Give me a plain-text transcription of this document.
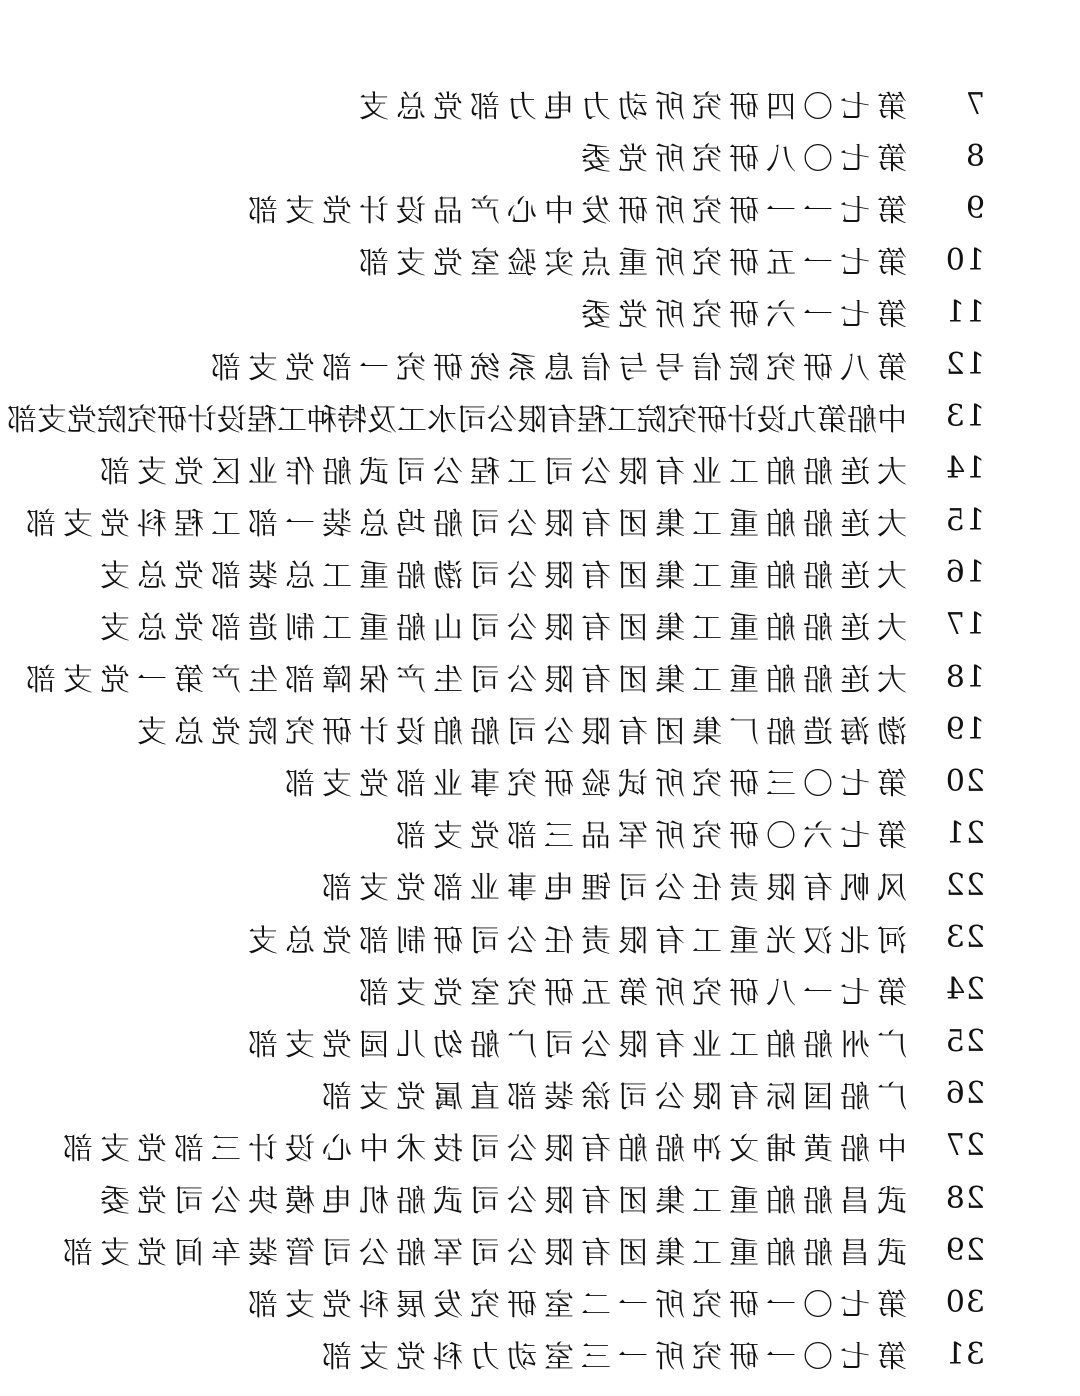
7
第七〇四研究所动力电力部党总支
8
第七〇八研究所党委
9
第七一一研究所研发中心产品设计党支部
10
第七一五研究所重点实验室党支部
11
第七一六研究所党委
12
第八研究院信号与信息系统研究一部党支部
13
中船第九设计研究院工程有限公司水工及特种工程设计研究院党支部
14
大连船舶工业有限公司工程公司武船作业区党支部
15
大连船舶重工集团有限公司船坞总装一部工程科党支部
16
大连船舶重工集团有限公司渤船重工总装部党总支
17
大连船舶重工集团有限公司山船重工制造部党总支
18
大连船舶重工集团有限公司生产保障部生产第一党支部
19
渤海造船厂集团有限公司船舶设计研究院党总支
20
第七〇三研究所试验研究事业部党支部
21
第七六〇研究所军品三部党支部
22
风帆有限责任公司锂电事业部党支部
23
河北汉光重工有限责任公司研制部党总支
24
第七一八研究所第五研究室党支部
25
广州船舶工业有限公司广船幼儿园党支部
26
广船国际有限公司涂装部直属党支部
27
中船黄埔文冲船舶有限公司技术中心设计三部党支部
28
武昌船舶重工集团有限公司武船机电模块公司党委
29
武昌船舶重工集团有限公司军船公司管装车间党支部
30
第七〇一研究所一二室研究发展科党支部
31
第七〇一研究所一三室动力科党支部
